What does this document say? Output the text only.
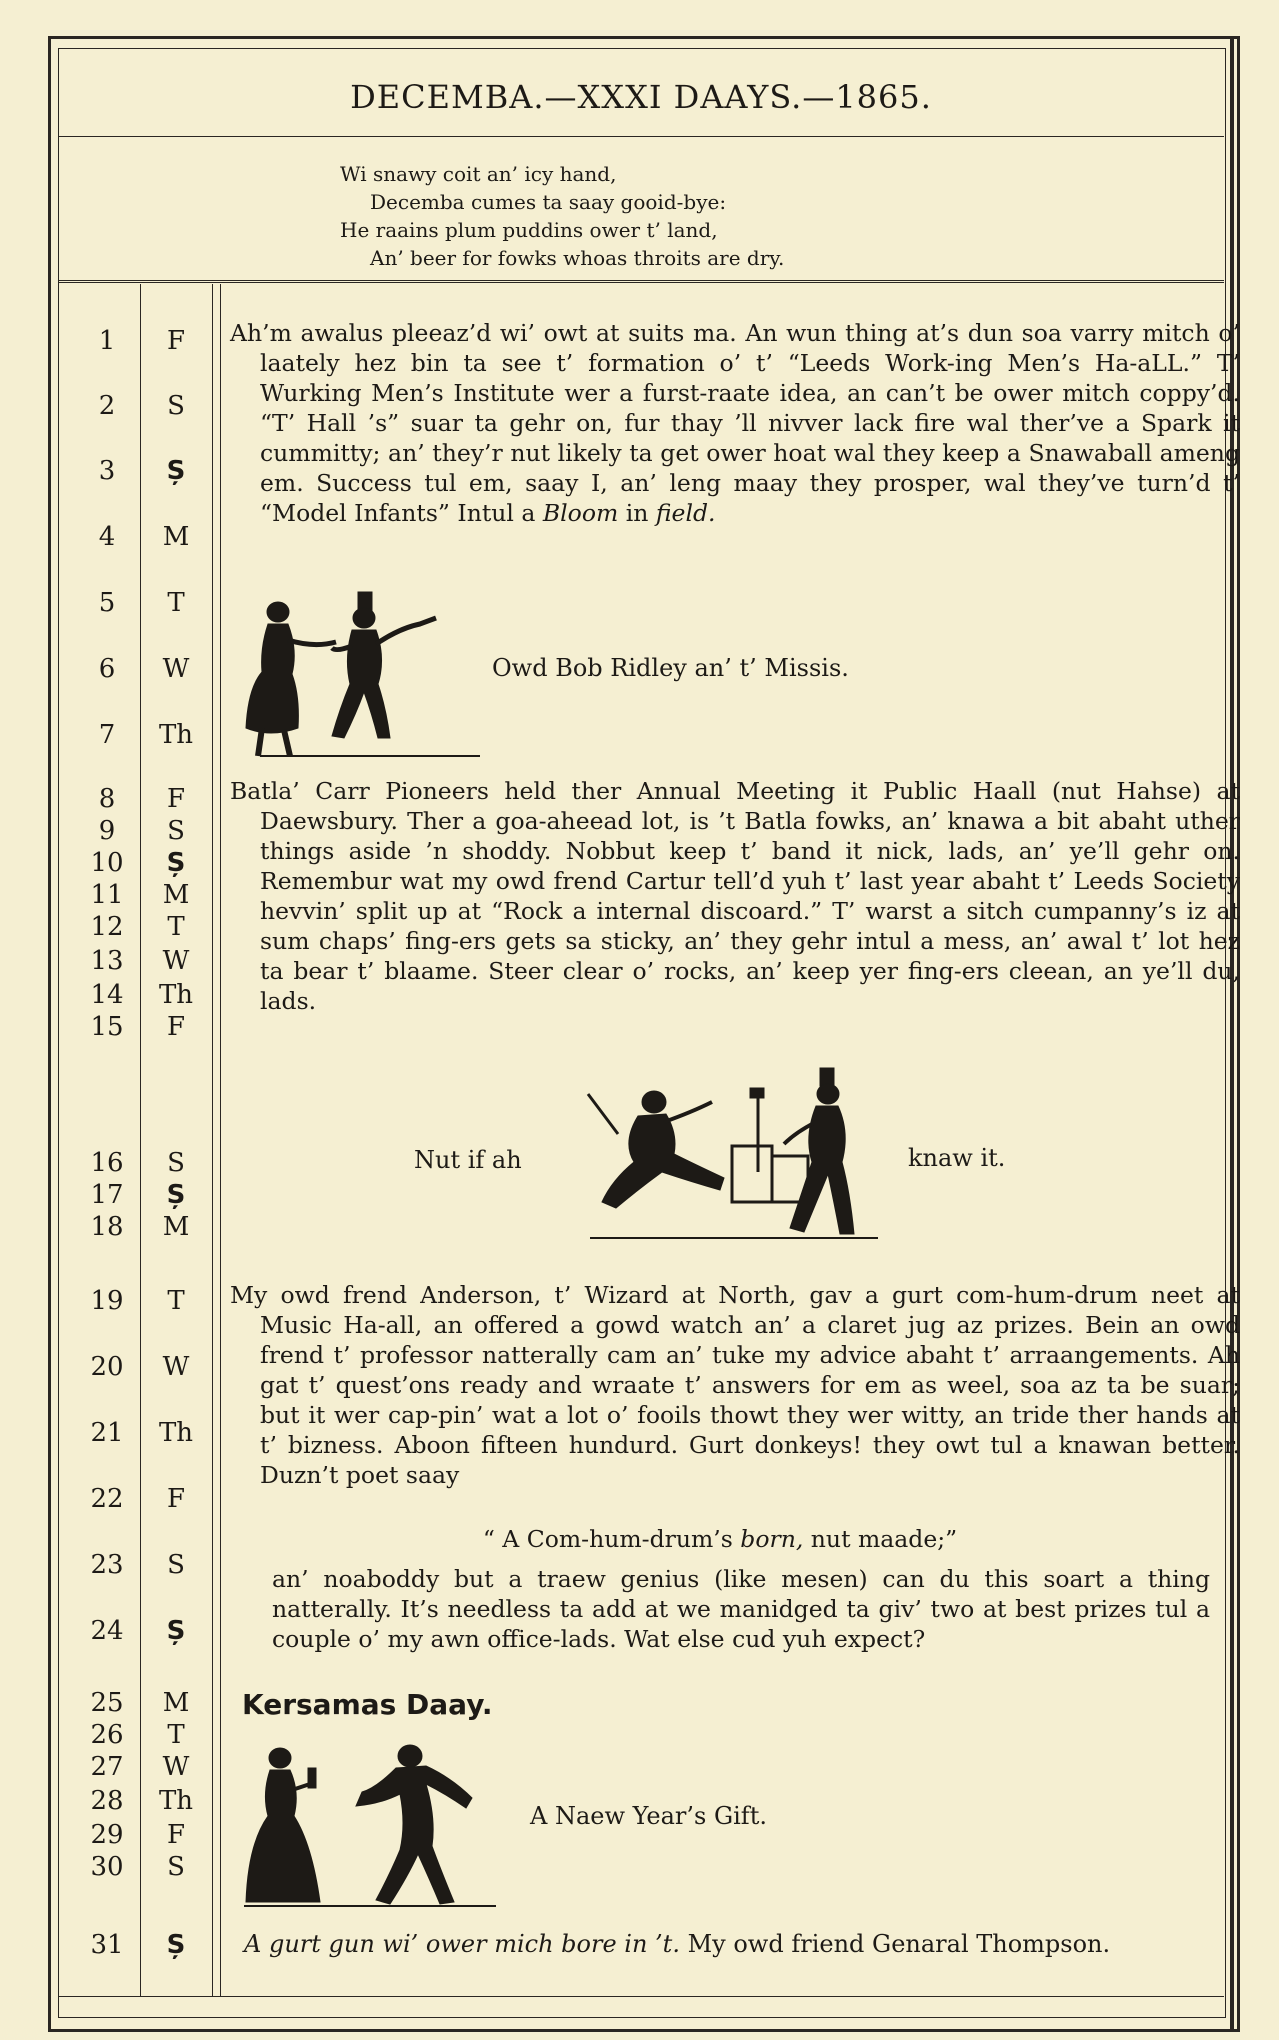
DECEMBA.—XXXI DAAYS.—1865.
Wi snawy coit an’ icy hand,
Decemba cumes ta saay gooid-bye:
He raains plum puddins ower t’ land,
An’ beer for fowks whoas throits are dry.
1	F
2	S
3	Ș
4	M
5	T
6	W
7	Th
8	F
9	S
10	Ș
11	M
12	T
13	W
14	Th
15	F
16	S
17	Ș
18	M
19	T
20	W
21	Th
22	F
23	S
24	Ș
25	M
26	T
27	W
28	Th
29	F
30	S
31	Ș
Ah’m awalus pleeaz’d wi’ owt at suits ma. An wun thing at’s dun soa varry mitch o’ laately hez bin ta see t’ formation o’ t’ “Leeds Work-ing Men’s Ha-aLL.” T’ Wurking Men’s Institute wer a furst-raate idea, an can’t be ower mitch coppy’d. “T’ Hall ’s” suar ta gehr on, fur thay ’ll nivver lack fire wal ther’ve a Spark it cummitty; an’ they’r nut likely ta get ower hoat wal they keep a Snawaball ameng em. Success tul em, saay I, an’ leng maay they prosper, wal they’ve turn’d t’ “Model Infants” Intul a Bloom in field.
Owd Bob Ridley an’ t’ Missis.
Batla’ Carr Pioneers held ther Annual Meeting it Public Haall (nut Hahse) at Daewsbury. Ther a goa-aheead lot, is ’t Batla fowks, an’ knawa a bit abaht uther things aside ’n shoddy. Nobbut keep t’ band it nick, lads, an’ ye’ll gehr on. Remembur wat my owd frend Cartur tell’d yuh t’ last year abaht t’ Leeds Society hevvin’ split up at “Rock a internal discoard.” T’ warst a sitch cumpanny’s iz at sum chaps’ fing-ers gets sa sticky, an’ they gehr intul a mess, an’ awal t’ lot hez ta bear t’ blaame. Steer clear o’ rocks, an’ keep yer fing-ers cleean, an ye’ll du, lads.
Nut if ah	knaw it.

My owd frend Anderson, t’ Wizard at North, gav a gurt com-hum-drum neet at Music Ha-all, an offered a gowd watch an’ a claret jug az prizes. Bein an owd frend t’ professor natterally cam an’ tuke my advice abaht t’ arraangements. Ah gat t’ quest’ons ready and wraate t’ answers for em as weel, soa az ta be suar; but it wer cap-pin’ wat a lot o’ fooils thowt they wer witty, an tride ther hands at t’ bizness. Aboon fifteen hundurd. Gurt donkeys! they owt tul a knawan better. Duzn’t poet saay

“ A Com-hum-drum’s born, nut maade;”
an’ noaboddy but a traew genius (like mesen) can du this soart a thing natterally. It’s needless ta add at we manidged ta giv’ two at best prizes tul a couple o’ my awn office-lads. Wat else cud yuh expect?
Kersamas Daay.
A Naew Year’s Gift.
A gurt gun wi’ ower mich bore in ’t. My owd friend Genaral Thompson.
